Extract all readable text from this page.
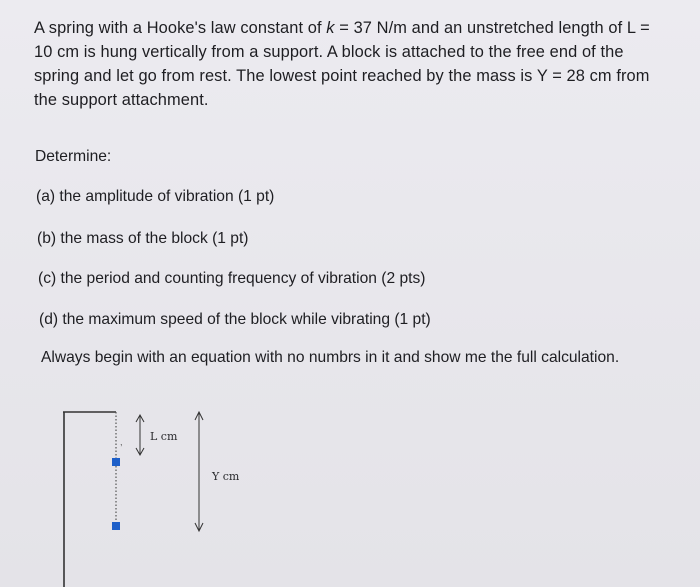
A spring with a Hooke's law constant of k = 37 N/m and an unstretched length of L =
10 cm is hung vertically from a support. A block is attached to the free end of the
spring and let go from rest. The lowest point reached by the mass is Y = 28 cm from
the support attachment.
Determine:
(a) the amplitude of vibration (1 pt)
(b) the mass of the block (1 pt)
(c) the period and counting frequency of vibration (2 pts)
(d) the maximum speed of the block while vibrating (1 pt)
Always begin with an equation with no numbrs in it and show me the full calculation.
L cm
Y cm
,
